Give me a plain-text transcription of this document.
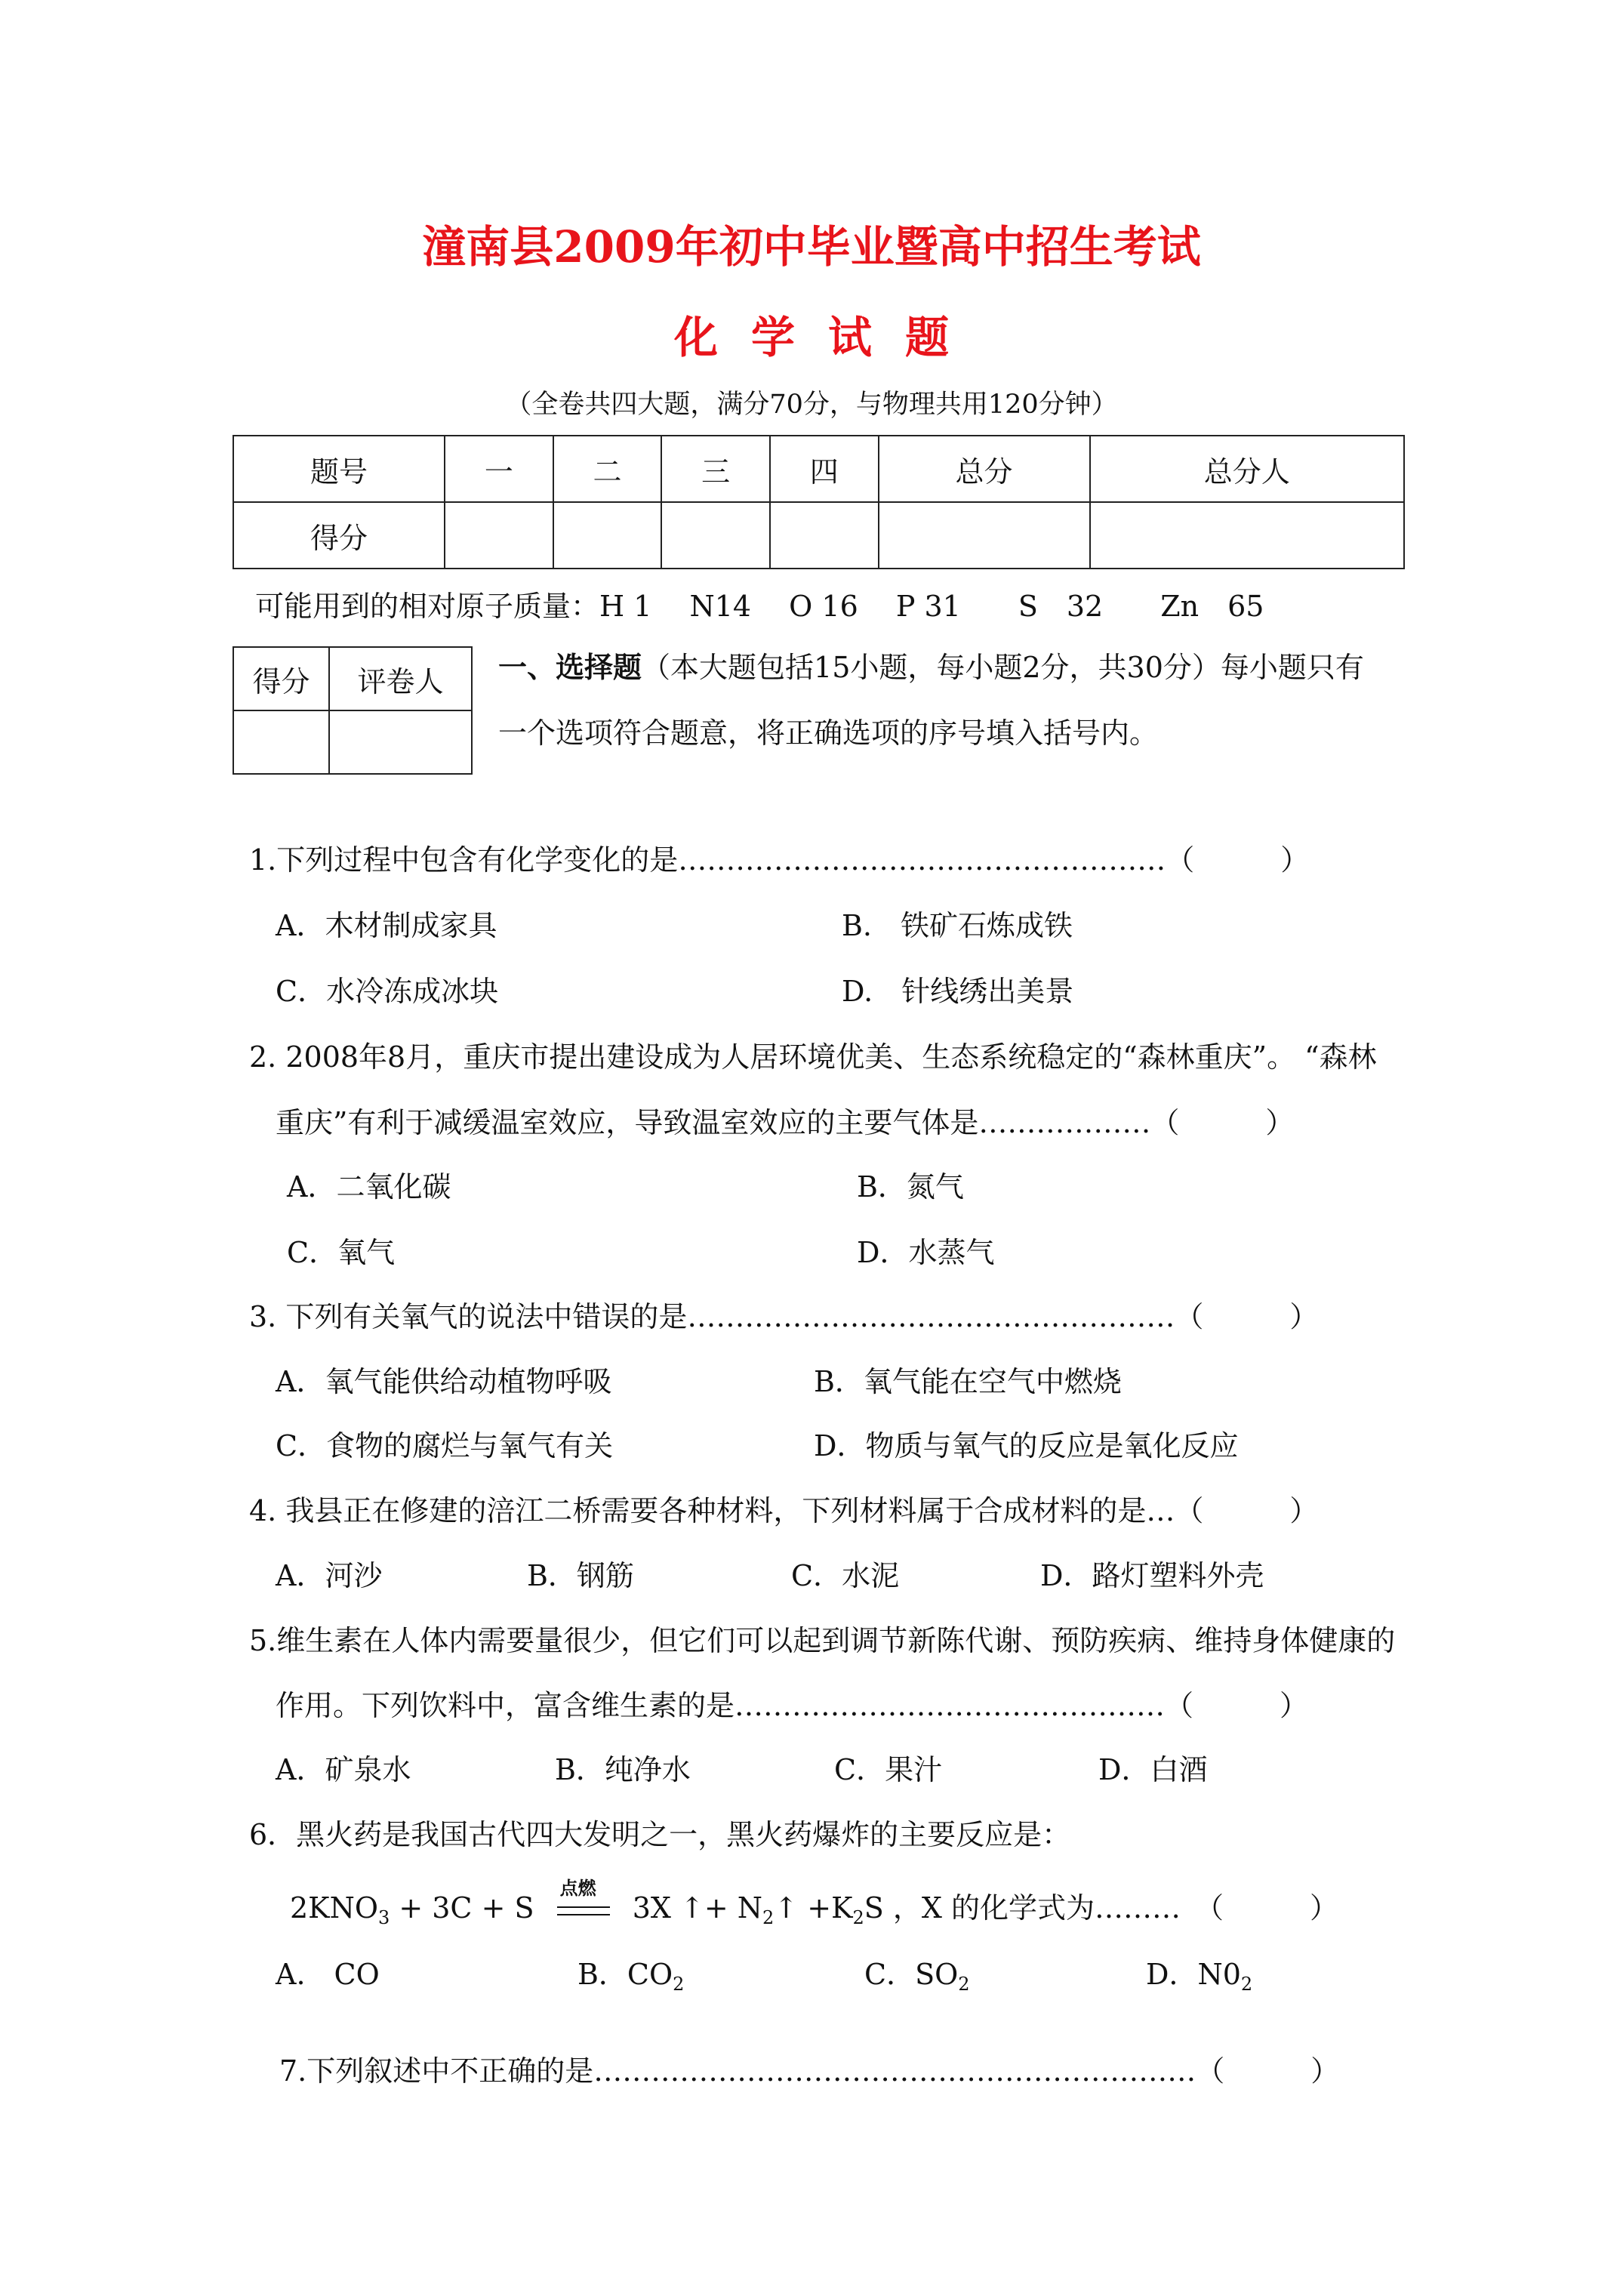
潼南县2009年初中毕业暨高中招生考试
化学试题
（全卷共四大题，满分70分，与物理共用120分钟）
题号	一	二	三	四	总分	总分人
得分						
可能用到的相对原子质量：H 1　 N14　 O 16　 P 31　　S　32　　Zn　65
得分	评卷人
	一、选择题（本大题包括15小题，每小题2分，共30分）每小题只有
一个选项符合题意，将正确选项的序号填入括号内。
1.下列过程中包含有化学变化的是……………………………………………（　　　）
A．木材制成家具	B.　铁矿石炼成铁
C．水冷冻成冰块	D.　针线绣出美景
2. 2008年8月，重庆市提出建设成为人居环境优美、生态系统稳定的“森林重庆”。 “森林
重庆”有利于减缓温室效应，导致温室效应的主要气体是………………（　　　）
A．二氧化碳	B．氮气
C．氧气	D．水蒸气
3. 下列有关氧气的说法中错误的是……………………………………………（　　　）
A．氧气能供给动植物呼吸	B．氧气能在空气中燃烧
C．食物的腐烂与氧气有关	D．物质与氧气的反应是氧化反应
4. 我县正在修建的涪江二桥需要各种材料，下列材料属于合成材料的是…（　　　）
A．河沙	B．钢筋	C．水泥	D．路灯塑料外壳
5.维生素在人体内需要量很少，但它们可以起到调节新陈代谢、预防疾病、维持身体健康的
作用。下列饮料中，富含维生素的是………………………………………（　　　）
A．矿泉水	B．纯净水	C．果汁	D．白酒
6．黑火药是我国古代四大发明之一，黑火药爆炸的主要反应是：
$2KNO_3 + 3C + S$
点燃
3X ↑+ $N_2↑ +K_2S$ ，X 的化学式为………　（　　　）
A.　CO	B．$CO_2$	C．$SO_2$	D．$N0_2$
7.下列叙述中不正确的是………………………………………………………（　　　）
